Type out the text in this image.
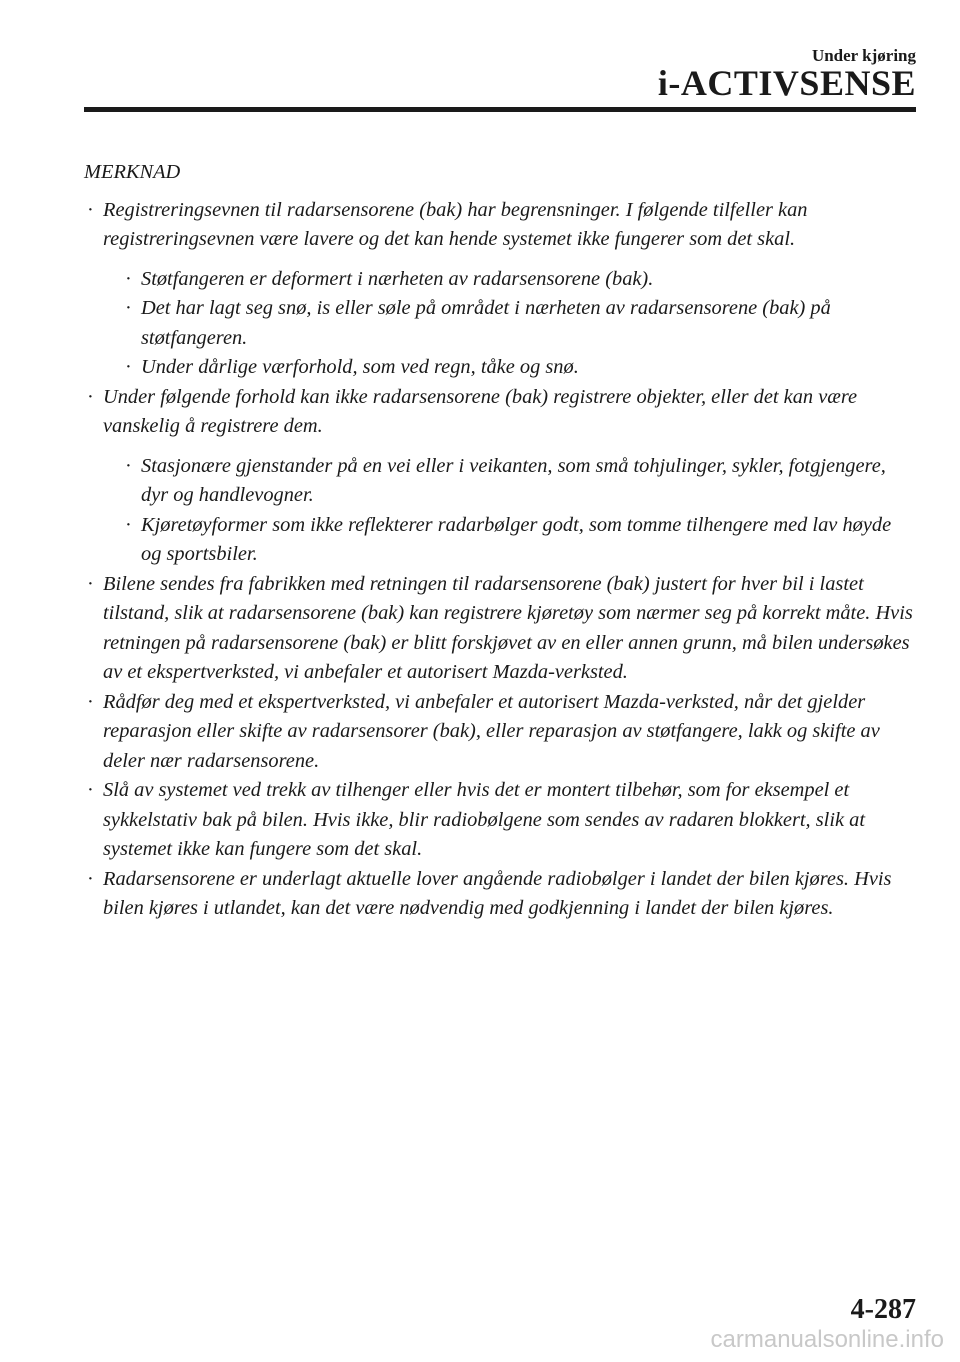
Under kjøring
i-ACTIVSENSE
MERKNAD
· Registreringsevnen til radarsensorene (bak) har begrensninger. I følgende tilfeller kan registreringsevnen være lavere og det kan hende systemet ikke fungerer som det skal.
· Støtfangeren er deformert i nærheten av radarsensorene (bak).
· Det har lagt seg snø, is eller søle på området i nærheten av radarsensorene (bak) på støtfangeren.
· Under dårlige værforhold, som ved regn, tåke og snø.
· Under følgende forhold kan ikke radarsensorene (bak) registrere objekter, eller det kan være vanskelig å registrere dem.
· Stasjonære gjenstander på en vei eller i veikanten, som små tohjulinger, sykler, fotgjengere, dyr og handlevogner.
· Kjøretøyformer som ikke reflekterer radarbølger godt, som tomme tilhengere med lav høyde og sportsbiler.
· Bilene sendes fra fabrikken med retningen til radarsensorene (bak) justert for hver bil i lastet tilstand, slik at radarsensorene (bak) kan registrere kjøretøy som nærmer seg på korrekt måte. Hvis retningen på radarsensorene (bak) er blitt forskjøvet av en eller annen grunn, må bilen undersøkes av et ekspertverksted, vi anbefaler et autorisert Mazda-verksted.
· Rådfør deg med et ekspertverksted, vi anbefaler et autorisert Mazda-verksted, når det gjelder reparasjon eller skifte av radarsensorer (bak), eller reparasjon av støtfangere, lakk og skifte av deler nær radarsensorene.
· Slå av systemet ved trekk av tilhenger eller hvis det er montert tilbehør, som for eksempel et sykkelstativ bak på bilen. Hvis ikke, blir radiobølgene som sendes av radaren blokkert, slik at systemet ikke kan fungere som det skal.
· Radarsensorene er underlagt aktuelle lover angående radiobølger i landet der bilen kjøres. Hvis bilen kjøres i utlandet, kan det være nødvendig med godkjenning i landet der bilen kjøres.
4-287
carmanualsonline.info
